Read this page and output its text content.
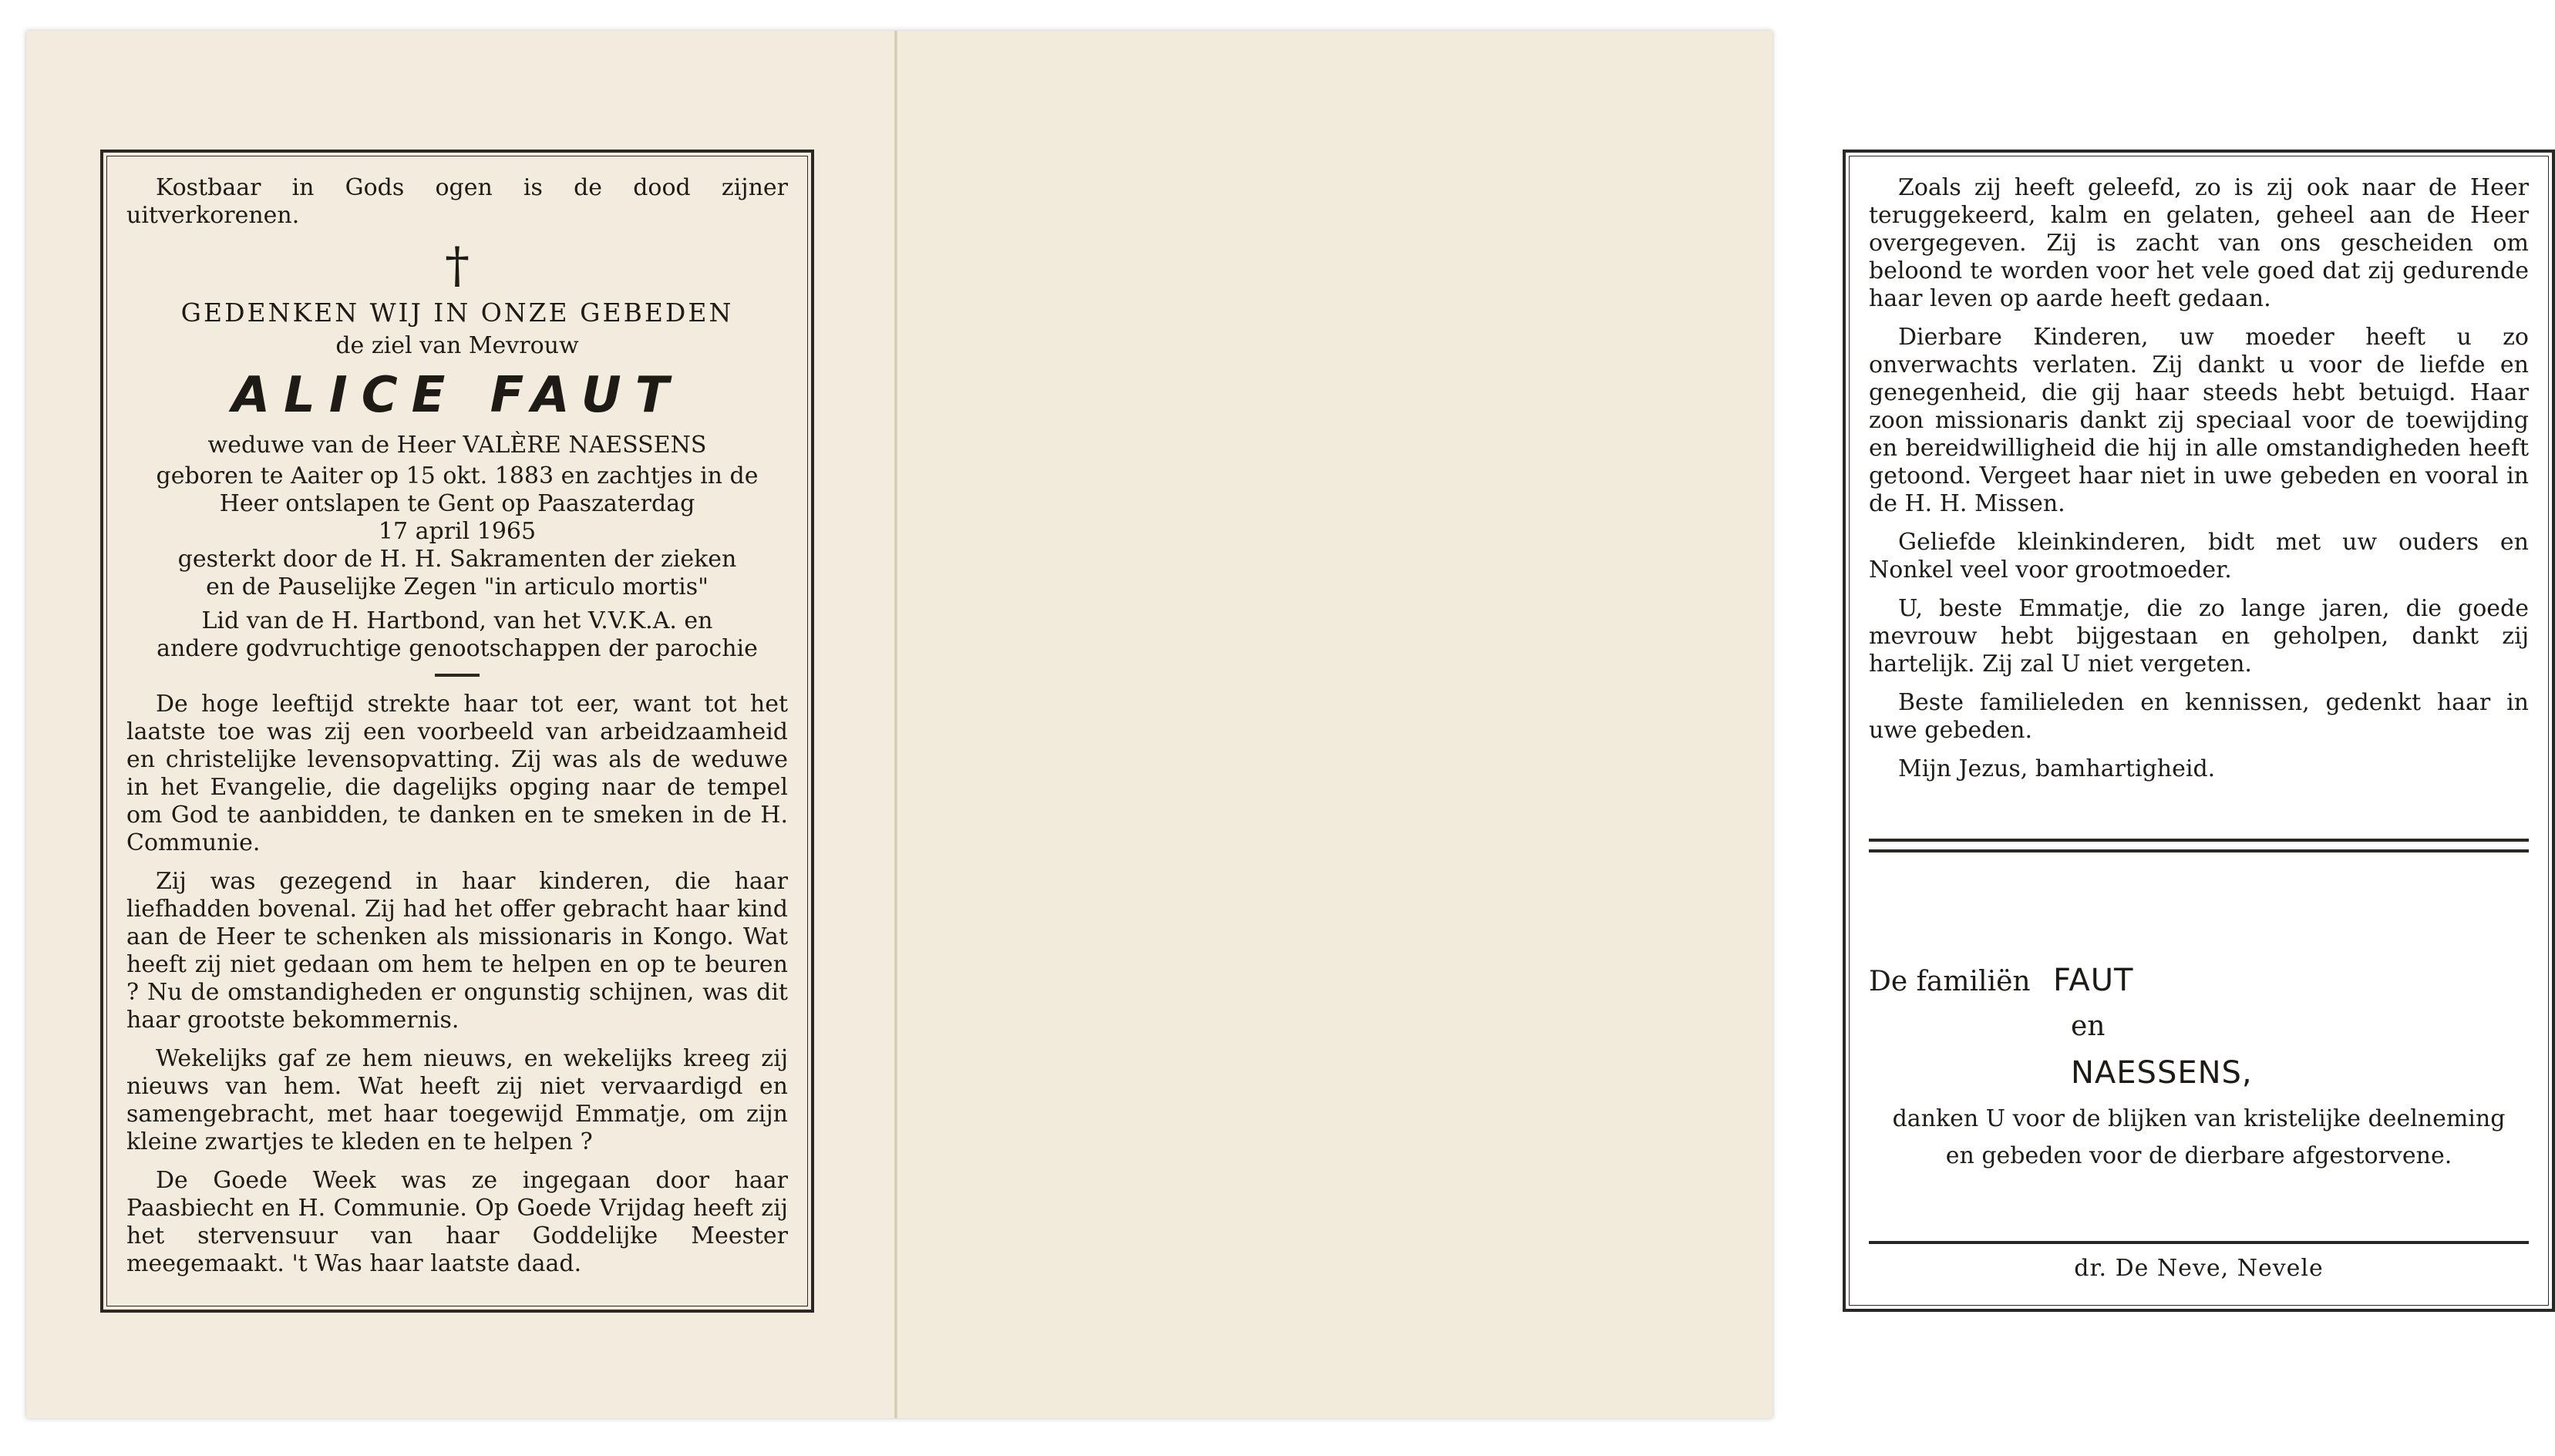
Kostbaar in Gods ogen is de dood zijner uitverkorenen.

†
GEDENKEN WIJ IN ONZE GEBEDEN
de ziel van Mevrouw
ALICE FAUT
weduwe van de Heer VALÈRE NAESSENS
geboren te Aaiter op 15 okt. 1883 en zachtjes in de
Heer ontslapen te Gent op Paaszaterdag
17 april 1965
gesterkt door de H. H. Sakramenten der zieken
en de Pauselijke Zegen "in articulo mortis"
Lid van de H. Hartbond, van het V.V.K.A. en
andere godvruchtige genootschappen der parochie

De hoge leeftijd strekte haar tot eer, want tot het laatste toe was zij een voorbeeld van arbeidzaamheid en christelijke levensopvatting. Zij was als de weduwe in het Evangelie, die dagelijks opging naar de tempel om God te aanbidden, te danken en te smeken in de H. Communie.

Zij was gezegend in haar kinderen, die haar liefhadden bovenal. Zij had het offer gebracht haar kind aan de Heer te schenken als missionaris in Kongo. Wat heeft zij niet gedaan om hem te helpen en op te beuren ? Nu de omstandigheden er ongunstig schijnen, was dit haar grootste bekommernis.

Wekelijks gaf ze hem nieuws, en wekelijks kreeg zij nieuws van hem. Wat heeft zij niet vervaardigd en samengebracht, met haar toegewijd Emmatje, om zijn kleine zwartjes te kleden en te helpen ?

De Goede Week was ze ingegaan door haar Paasbiecht en H. Communie. Op Goede Vrijdag heeft zij het stervensuur van haar Goddelijke Meester meegemaakt. 't Was haar laatste daad.

Zoals zij heeft geleefd, zo is zij ook naar de Heer teruggekeerd, kalm en gelaten, geheel aan de Heer overgegeven. Zij is zacht van ons gescheiden om beloond te worden voor het vele goed dat zij gedurende haar leven op aarde heeft gedaan.

Dierbare Kinderen, uw moeder heeft u zo onverwachts verlaten. Zij dankt u voor de liefde en genegenheid, die gij haar steeds hebt betuigd. Haar zoon missionaris dankt zij speciaal voor de toewijding en bereidwilligheid die hij in alle omstandigheden heeft getoond. Vergeet haar niet in uwe gebeden en vooral in de H. H. Missen.

Geliefde kleinkinderen, bidt met uw ouders en Nonkel veel voor grootmoeder.

U, beste Emmatje, die zo lange jaren, die goede mevrouw hebt bijgestaan en geholpen, dankt zij hartelijk. Zij zal U niet vergeten.

Beste familieleden en kennissen, gedenkt haar in uwe gebeden.

Mijn Jezus, bamhartigheid.

De familiën FAUT
en
NAESSENS,
danken U voor de blijken van kristelijke deelneming
en gebeden voor de dierbare afgestorvene.
dr. De Neve, Nevele
